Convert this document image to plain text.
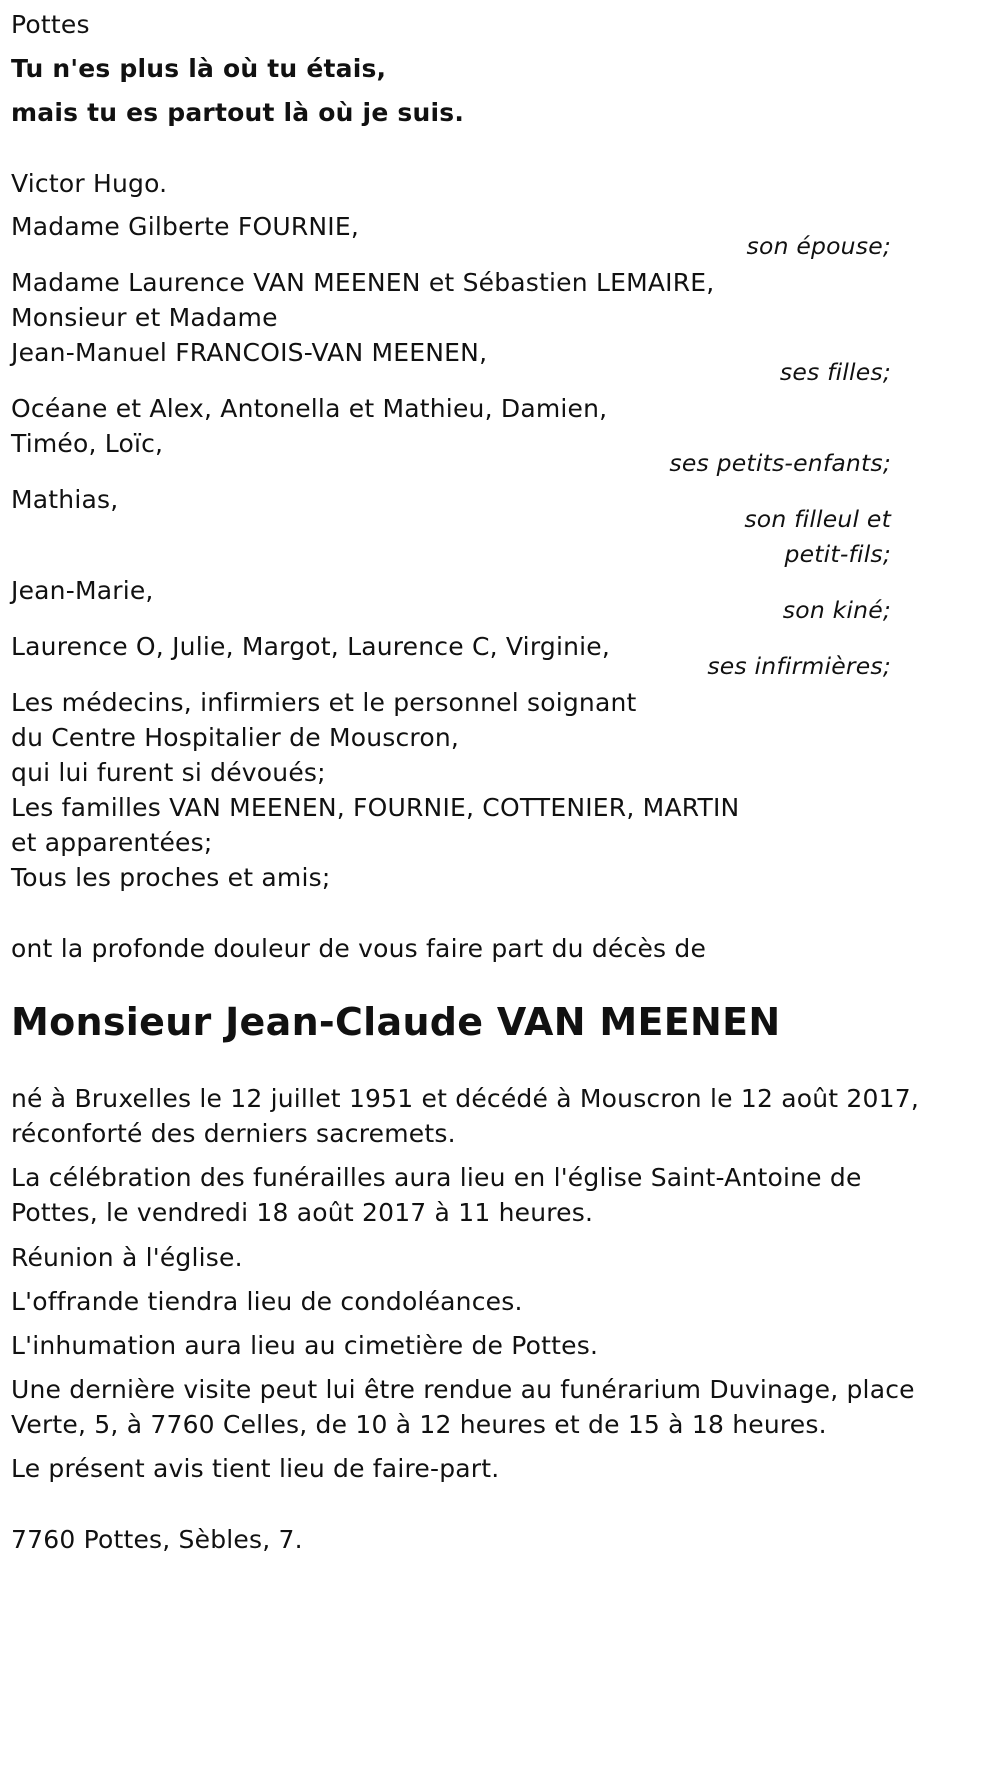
Pottes
Tu n'es plus là où tu étais,
mais tu es partout là où je suis.
Victor Hugo.
Madame Gilberte FOURNIE,
son épouse;
Madame Laurence VAN MEENEN et Sébastien LEMAIRE,
Monsieur et Madame
Jean-Manuel FRANCOIS-VAN MEENEN,
ses filles;
Océane et Alex, Antonella et Mathieu, Damien,
Timéo, Loïc,
ses petits-enfants;
Mathias,
son filleul et
petit-fils;
Jean-Marie,
son kiné;
Laurence O, Julie, Margot, Laurence C, Virginie,
ses infirmières;
Les médecins, infirmiers et le personnel soignant
du Centre Hospitalier de Mouscron,
qui lui furent si dévoués;
Les familles VAN MEENEN, FOURNIE, COTTENIER, MARTIN
et apparentées;
Tous les proches et amis;
ont la profonde douleur de vous faire part du décès de
Monsieur Jean-Claude VAN MEENEN
né à Bruxelles le 12 juillet 1951 et décédé à Mouscron le 12 août 2017,
réconforté des derniers sacremets.
La célébration des funérailles aura lieu en l'église Saint-Antoine de
Pottes, le vendredi 18 août 2017 à 11 heures.
Réunion à l'église.
L'offrande tiendra lieu de condoléances.
L'inhumation aura lieu au cimetière de Pottes.
Une dernière visite peut lui être rendue au funérarium Duvinage, place
Verte, 5, à 7760 Celles, de 10 à 12 heures et de 15 à 18 heures.
Le présent avis tient lieu de faire-part.
7760 Pottes, Sèbles, 7.
